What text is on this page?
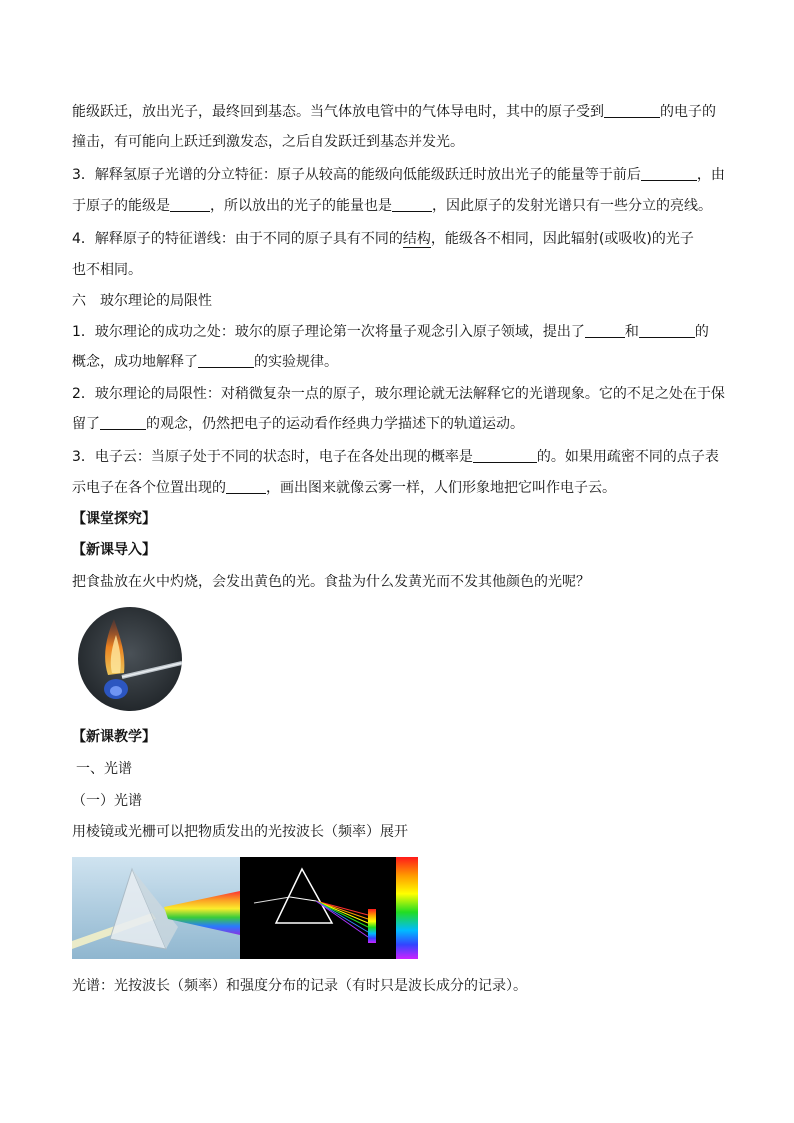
能级跃迁，放出光子，最终回到基态。当气体放电管中的气体导电时，其中的原子受到	的电子的
撞击，有可能向上跃迁到激发态，之后自发跃迁到基态并发光。
3．解释氢原子光谱的分立特征：原子从较高的能级向低能级跃迁时放出光子的能量等于前后	，由
于原子的能级是	，所以放出的光子的能量也是	，因此原子的发射光谱只有一些分立的亮线。
4．解释原子的特征谱线：由于不同的原子具有不同的结构，能级各不相同，因此辐射(或吸收)的光子
也不相同。
六　玻尔理论的局限性
1．玻尔理论的成功之处：玻尔的原子理论第一次将量子观念引入原子领域，提出了	和	的
概念，成功地解释了	的实验规律。
2．玻尔理论的局限性：对稍微复杂一点的原子，玻尔理论就无法解释它的光谱现象。它的不足之处在于保
留了	的观念，仍然把电子的运动看作经典力学描述下的轨道运动。
3．电子云：当原子处于不同的状态时，电子在各处出现的概率是	的。如果用疏密不同的点子表
示电子在各个位置出现的	，画出图来就像云雾一样，人们形象地把它叫作电子云。
【课堂探究】
【新课导入】
把食盐放在火中灼烧，会发出黄色的光。食盐为什么发黄光而不发其他颜色的光呢？
【新课教学】
一、光谱
（一）光谱
用棱镜或光栅可以把物质发出的光按波长（频率）展开
光谱：光按波长（频率）和强度分布的记录（有时只是波长成分的记录）。
